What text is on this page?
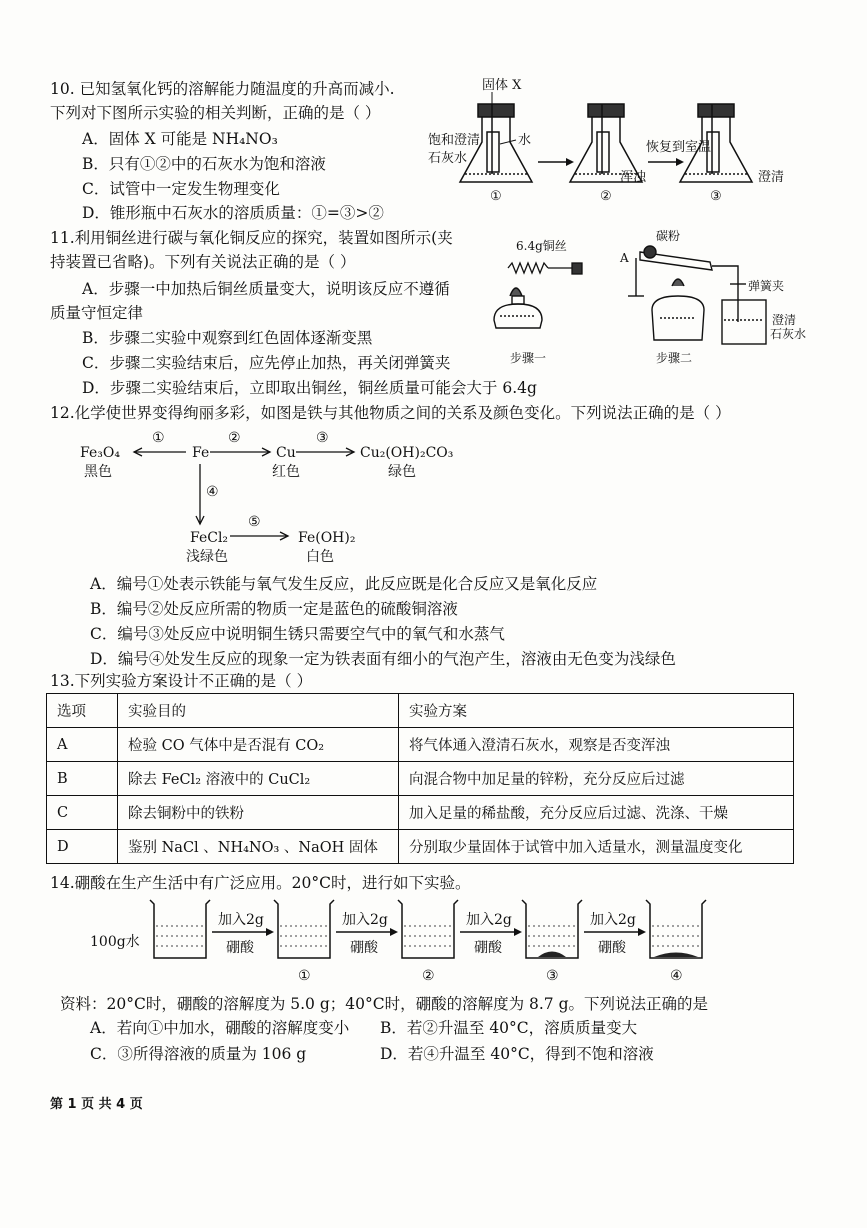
10. 已知氢氧化钙的溶解能力随温度的升高而减小.
下列对下图所示实验的相关判断，正确的是（ ）
A．固体 X 可能是 NH₄NO₃
B．只有①②中的石灰水为饱和溶液
C．试管中一定发生物理变化
D．锥形瓶中石灰水的溶质质量：①=③>②
固体 X
饱和澄清
石灰水
水	恢复到室温
浑浊	澄清
①	②	③
11.利用铜丝进行碳与氧化铜反应的探究，装置如图所示(夹
持装置已省略)。下列有关说法正确的是（ ）
A．步骤一中加热后铜丝质量变大，说明该反应不遵循
质量守恒定律
B．步骤二实验中观察到红色固体逐渐变黑
C．步骤二实验结束后，应先停止加热，再关闭弹簧夹
D．步骤二实验结束后，立即取出铜丝，铜丝质量可能会大于 6.4g
6.4g铜丝
碳粉
A
弹簧夹
澄清
石灰水
步骤一	步骤二
12.化学使世界变得绚丽多彩，如图是铁与其他物质之间的关系及颜色变化。下列说法正确的是（ ）
Fe₃O₄
黑色
Fe	Cu
红色
Cu₂(OH)₂CO₃
绿色
FeCl₂
浅绿色
Fe(OH)₂
白色
①	②	③
④
⑤
A．编号①处表示铁能与氧气发生反应，此反应既是化合反应又是氧化反应
B．编号②处反应所需的物质一定是蓝色的硫酸铜溶液
C．编号③处反应中说明铜生锈只需要空气中的氧气和水蒸气
D．编号④处发生反应的现象一定为铁表面有细小的气泡产生，溶液由无色变为浅绿色
13.下列实验方案设计不正确的是（ ）
选项	实验目的	实验方案
A	检验 CO 气体中是否混有 CO₂	将气体通入澄清石灰水，观察是否变浑浊
B	除去 FeCl₂ 溶液中的 CuCl₂	向混合物中加足量的锌粉，充分反应后过滤
C	除去铜粉中的铁粉	加入足量的稀盐酸，充分反应后过滤、洗涤、干燥
D	鉴别 NaCl 、NH₄NO₃ 、NaOH 固体	分别取少量固体于试管中加入适量水，测量温度变化
14.硼酸在生产生活中有广泛应用。20°C时，进行如下实验。
100g水
加入2g
硼酸
加入2g
硼酸
加入2g
硼酸
加入2g
硼酸
①	②	③	④
资料：20°C时，硼酸的溶解度为 5.0 g；40°C时，硼酸的溶解度为 8.7 g。下列说法正确的是
A．若向①中加水，硼酸的溶解度变小 B．若②升温至 40°C，溶质质量变大
C．③所得溶液的质量为 106 g	D．若④升温至 40°C，得到不饱和溶液
第 1 页 共 4 页
